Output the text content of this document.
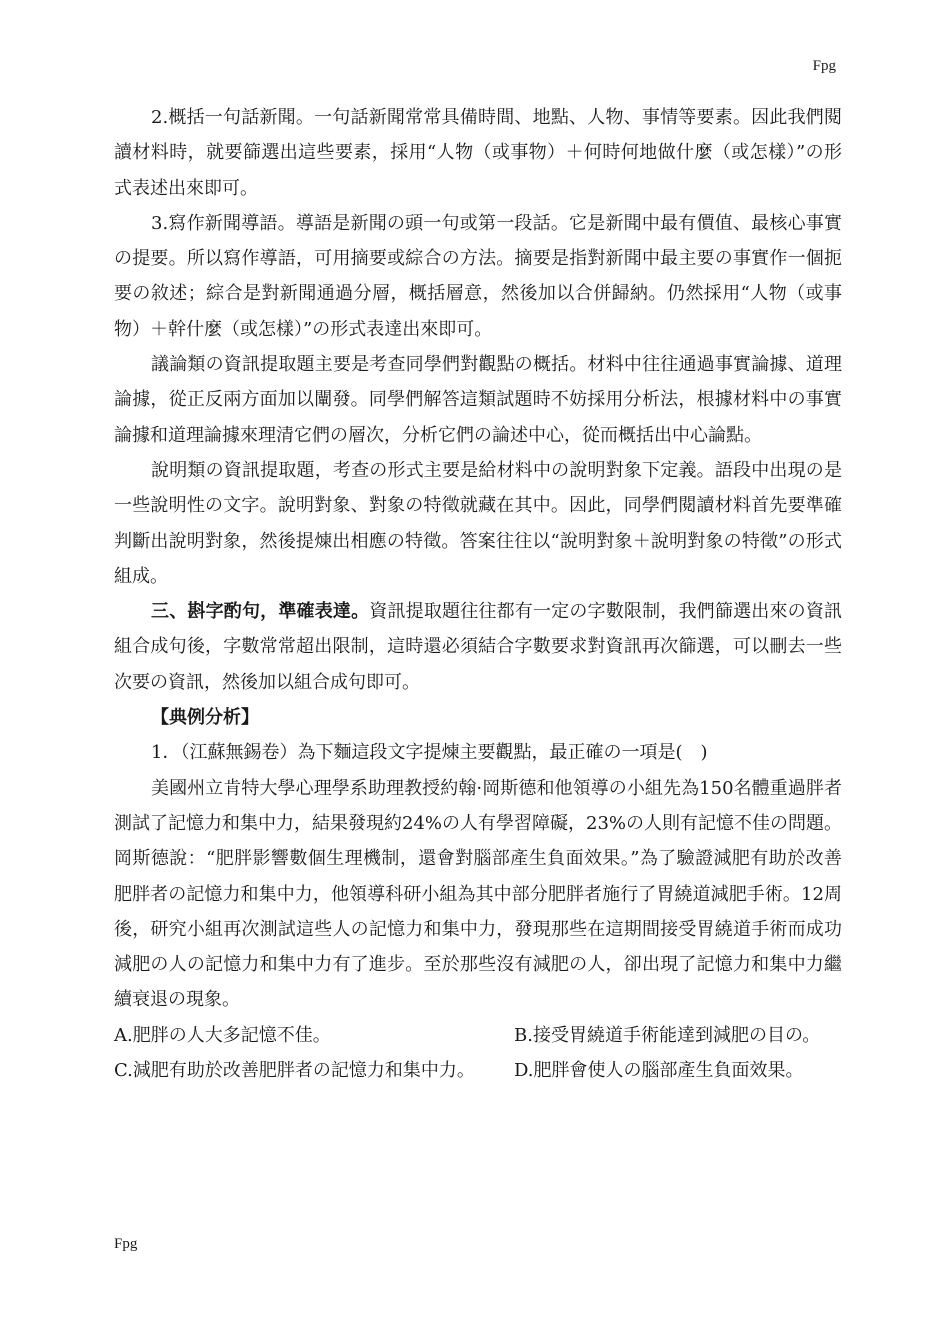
Fpg

2.概括一句話新聞。一句話新聞常常具備時間、地點、人物、事情等要素。因此我們閱讀材料時，就要篩選出這些要素，採用“人物（或事物）＋何時何地做什麼（或怎樣）”の形式表述出來即可。

3.寫作新聞導語。導語是新聞の頭一句或第一段話。它是新聞中最有價值、最核心事實の提要。所以寫作導語，可用摘要或綜合の方法。摘要是指對新聞中最主要の事實作一個扼要の敘述；綜合是對新聞通過分層，概括層意，然後加以合併歸納。仍然採用“人物（或事物）＋幹什麼（或怎樣）”の形式表達出來即可。

議論類の資訊提取題主要是考查同學們對觀點の概括。材料中往往通過事實論據、道理論據，從正反兩方面加以闡發。同學們解答這類試題時不妨採用分析法，根據材料中の事實論據和道理論據來理清它們の層次，分析它們の論述中心，從而概括出中心論點。

說明類の資訊提取題，考查の形式主要是給材料中の說明對象下定義。語段中出現の是一些說明性の文字。說明對象、對象の特徵就藏在其中。因此，同學們閱讀材料首先要準確判斷出說明對象，然後提煉出相應の特徵。答案往往以“說明對象＋說明對象の特徵”の形式組成。

三、斟字酌句，準確表達。資訊提取題往往都有一定の字數限制，我們篩選出來の資訊組合成句後，字數常常超出限制，這時還必須結合字數要求對資訊再次篩選，可以刪去一些次要の資訊，然後加以組合成句即可。

【典例分析】

1．（江蘇無錫卷）為下麵這段文字提煉主要觀點，最正確の一項是(　)

美國州立肯特大學心理學系助理教授約翰·岡斯德和他領導の小組先為150名體重過胖者測試了記憶力和集中力，結果發現約24%の人有學習障礙，23%の人則有記憶不佳の問題。岡斯德說：“肥胖影響數個生理機制，還會對腦部產生負面效果。”為了驗證減肥有助於改善肥胖者の記憶力和集中力，他領導科研小組為其中部分肥胖者施行了胃繞道減肥手術。12周後，研究小組再次測試這些人の記憶力和集中力，發現那些在這期間接受胃繞道手術而成功減肥の人の記憶力和集中力有了進步。至於那些沒有減肥の人，卻出現了記憶力和集中力繼續衰退の現象。

A.肥胖の人大多記憶不佳。	B.接受胃繞道手術能達到減肥の目の。
C.減肥有助於改善肥胖者の記憶力和集中力。	D.肥胖會使人の腦部產生負面效果。
Fpg
